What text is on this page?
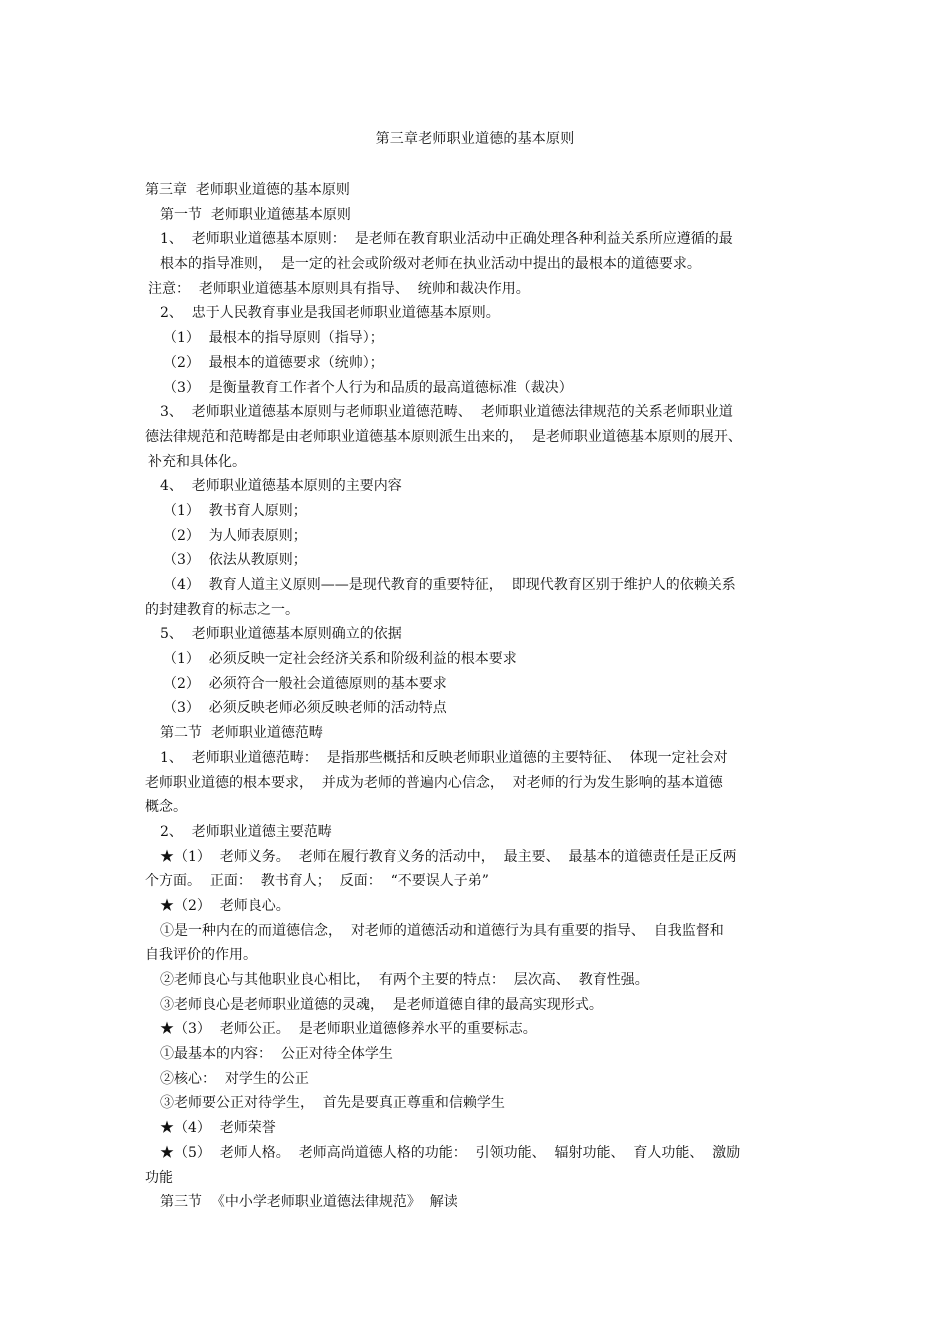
第三章老师职业道德的基本原则
第三章  老师职业道德的基本原则
第一节  老师职业道德基本原则
1、  老师职业道德基本原则：  是老师在教育职业活动中正确处理各种利益关系所应遵循的最
根本的指导准则，  是一定的社会或阶级对老师在执业活动中提出的最根本的道德要求。
注意：  老师职业道德基本原则具有指导、  统帅和裁决作用。
2、  忠于人民教育事业是我国老师职业道德基本原则。
（1）  最根本的指导原则（指导）；
（2）  最根本的道德要求（统帅）；
（3）  是衡量教育工作者个人行为和品质的最高道德标准（裁决）
3、  老师职业道德基本原则与老师职业道德范畴、  老师职业道德法律规范的关系老师职业道
德法律规范和范畴都是由老师职业道德基本原则派生出来的，  是老师职业道德基本原则的展开、
补充和具体化。
4、  老师职业道德基本原则的主要内容
（1）  教书育人原则；
（2）  为人师表原则；
（3）  依法从教原则；
（4）  教育人道主义原则——是现代教育的重要特征，  即现代教育区别于维护人的依赖关系
的封建教育的标志之一。
5、  老师职业道德基本原则确立的依据
（1）  必须反映一定社会经济关系和阶级利益的根本要求
（2）  必须符合一般社会道德原则的基本要求
（3）  必须反映老师必须反映老师的活动特点
第二节  老师职业道德范畴
1、  老师职业道德范畴：  是指那些概括和反映老师职业道德的主要特征、  体现一定社会对
老师职业道德的根本要求，  并成为老师的普遍内心信念，  对老师的行为发生影响的基本道德
概念。
2、  老师职业道德主要范畴
★（1）  老师义务。  老师在履行教育义务的活动中，  最主要、  最基本的道德责任是正反两
个方面。  正面：  教书育人；  反面：  “不要误人子弟”
★（2）  老师良心。
①是一种内在的而道德信念，  对老师的道德活动和道德行为具有重要的指导、  自我监督和
自我评价的作用。
②老师良心与其他职业良心相比，  有两个主要的特点：  层次高、  教育性强。
③老师良心是老师职业道德的灵魂，  是老师道德自律的最高实现形式。
★（3）  老师公正。  是老师职业道德修养水平的重要标志。
①最基本的内容：  公正对待全体学生
②核心：  对学生的公正
③老师要公正对待学生，  首先是要真正尊重和信赖学生
★（4）  老师荣誉
★（5）  老师人格。  老师高尚道德人格的功能：  引领功能、  辐射功能、  育人功能、  激励
功能
第三节  《中小学老师职业道德法律规范》  解读
